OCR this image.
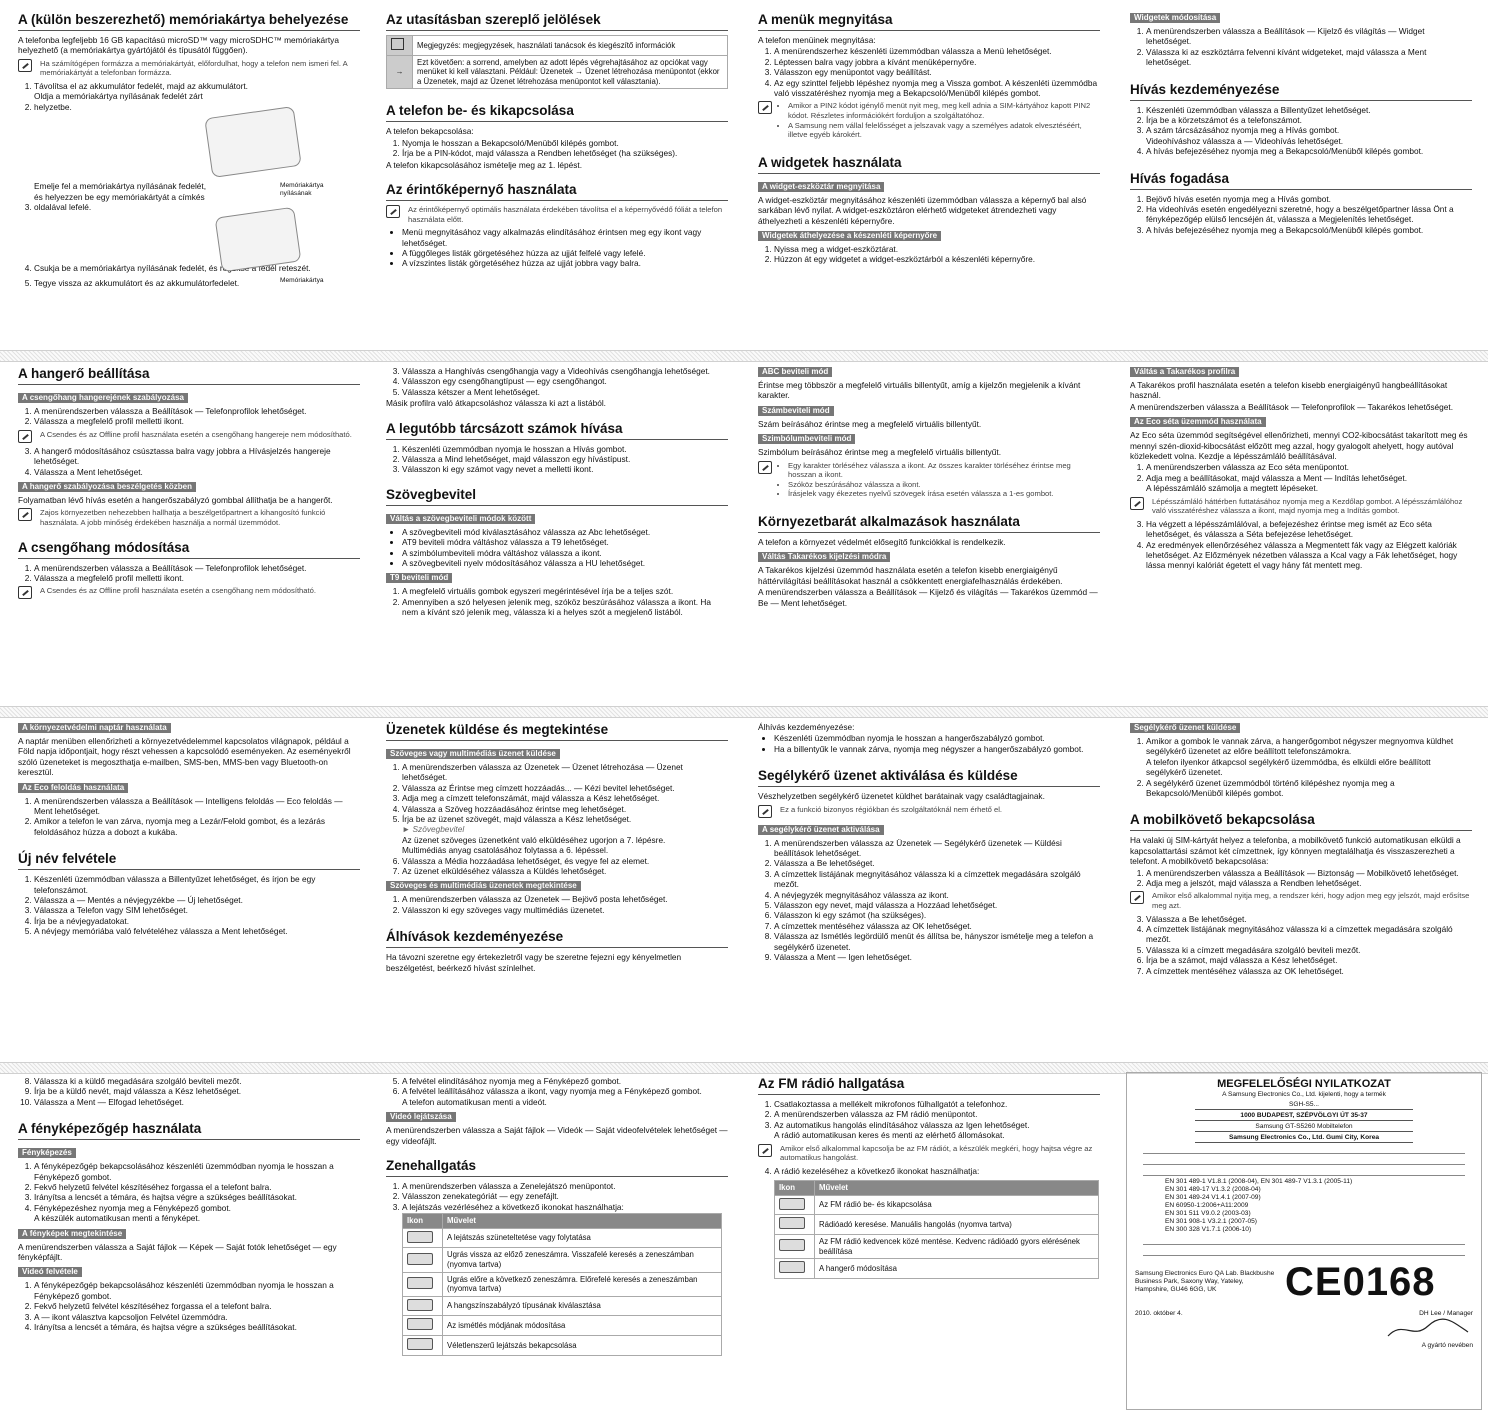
A (külön beszerezhető) memóriakártya behelyezése

A telefonba legfeljebb 16 GB kapacitású microSD™ vagy microSDHC™ memóriakártya helyezhető (a memóriakártya gyártójától és típusától függően).

Ha számítógépen formázza a memóriakártyát, előfordulhat, hogy a telefon nem ismeri fel. A memóriakártyát a telefonban formázza.
1. Távolítsa el az akkumulátor fedelét, majd az akkumulátort.
2. Oldja a memóriakártya nyílásának fedelét zárt helyzetbe.
Memóriakártya nyílásának
3. Emelje fel a memóriakártya nyílásának fedelét, és helyezzen be egy memóriakártyát a címkés oldalával lefelé.
Memóriakártya
4. Csukja be a memóriakártya nyílásának fedelét, és rögzítse a fedél reteszét.
5. Tegye vissza az akkumulátort és az akkumulátorfedelet.
Az utasításban szereplő jelölések
	Megjegyzés: megjegyzések, használati tanácsok és kiegészítő információk
→	Ezt követően: a sorrend, amelyben az adott lépés végrehajtásához az opciókat vagy menüket ki kell választani. Például: Üzenetek → Üzenet létrehozása menüpontot (ekkor a Üzenetek, majd az Üzenet létrehozása menüpontot kell választania).
A telefon be- és kikapcsolása

A telefon bekapcsolása:

1. Nyomja le hosszan a Bekapcsoló/Menüből kilépés gombot.
2. Írja be a PIN-kódot, majd válassza a Rendben lehetőséget (ha szükséges).

A telefon kikapcsolásához ismételje meg az 1. lépést.

Az érintőképernyő használata
Az érintőképernyő optimális használata érdekében távolítsa el a képernyővédő fóliát a telefon használata előtt.
• Menü megnyitásához vagy alkalmazás elindításához érintsen meg egy ikont vagy lehetőséget.
• A függőleges listák görgetéséhez húzza az ujját felfelé vagy lefelé.
• A vízszintes listák görgetéséhez húzza az ujját jobbra vagy balra.
A menük megnyitása

A telefon menüinek megnyitása:

1. A menürendszerhez készenléti üzemmódban válassza a Menü lehetőséget.
2. Léptessen balra vagy jobbra a kívánt menüképernyőre.
3. Válasszon egy menüpontot vagy beállítást.
4. Az egy szinttel feljebb lépéshez nyomja meg a Vissza gombot. A készenléti üzemmódba való visszatéréshez nyomja meg a Bekapcsoló/Menüből kilépés gombot.
• Amikor a PIN2 kódot igénylő menüt nyit meg, meg kell adnia a SIM-kártyához kapott PIN2 kódot. Részletes információkért forduljon a szolgáltatóhoz.
• A Samsung nem vállal felelősséget a jelszavak vagy a személyes adatok elvesztéséért, illetve egyéb károkért.
A widgetek használata
A widget-eszköztár megnyitása

A widget-eszköztár megnyitásához készenléti üzemmódban válassza a képernyő bal alsó sarkában lévő nyilat. A widget-eszköztáron elérhető widgeteket átrendezheti vagy áthelyezheti a készenléti képernyőre.

Widgetek áthelyezése a készenléti képernyőre
1. Nyissa meg a widget-eszköztárat.
2. Húzzon át egy widgetet a widget-eszköztárból a készenléti képernyőre.
Widgetek módosítása
1. A menürendszerben válassza a Beállítások — Kijelző és világítás — Widget lehetőséget.
2. Válassza ki az eszköztárra felvenni kívánt widgeteket, majd válassza a Ment lehetőséget.
Hívás kezdeményezése
1. Készenléti üzemmódban válassza a Billentyűzet lehetőséget.
2. Írja be a körzetszámot és a telefonszámot.
3. A szám tárcsázásához nyomja meg a Hívás gombot.
Videohíváshoz válassza a — Videohívás lehetőséget.
4. A hívás befejezéséhez nyomja meg a Bekapcsoló/Menüből kilépés gombot.
Hívás fogadása
1. Bejövő hívás esetén nyomja meg a Hívás gombot.
2. Ha videohívás esetén engedélyezni szeretné, hogy a beszélgetőpartner lássa Önt a fényképezőgép elülső lencséjén át, válassza a Megjelenítés lehetőséget.
3. A hívás befejezéséhez nyomja meg a Bekapcsoló/Menüből kilépés gombot.
A hangerő beállítása
A csengőhang hangerejének szabályozása
1. A menürendszerben válassza a Beállítások — Telefonprofilok lehetőséget.
2. Válassza a megfelelő profil melletti ikont.
A Csendes és az Offline profil használata esetén a csengőhang hangereje nem módosítható.
3. A hangerő módosításához csúsztassa balra vagy jobbra a Hívásjelzés hangereje lehetőséget.
4. Válassza a Ment lehetőséget.
A hangerő szabályozása beszélgetés közben

Folyamatban lévő hívás esetén a hangerőszabályzó gombbal állíthatja be a hangerőt.

Zajos környezetben nehezebben hallhatja a beszélgetőpartnert a kihangosító funkció használata. A jobb minőség érdekében használja a normál üzemmódot.
A csengőhang módosítása
1. A menürendszerben válassza a Beállítások — Telefonprofilok lehetőséget.
2. Válassza a megfelelő profil melletti ikont.
A Csendes és az Offline profil használata esetén a csengőhang nem módosítható.
3. Válassza a Hanghívás csengőhangja vagy a Videohívás csengőhangja lehetőséget.
4. Válasszon egy csengőhangtípust — egy csengőhangot.
5. Válassza kétszer a Ment lehetőséget.

Másik profilra való átkapcsoláshoz válassza ki azt a listából.

A legutóbb tárcsázott számok hívása
1. Készenléti üzemmódban nyomja le hosszan a Hívás gombot.
2. Válassza a Mind lehetőséget, majd válasszon egy hívástípust.
3. Válasszon ki egy számot vagy nevet a melletti ikont.
Szövegbevitel
Váltás a szövegbeviteli módok között
• A szövegbeviteli mód kiválasztásához válassza az Abc lehetőséget.
• AT9 beviteli módra váltáshoz válassza a T9 lehetőséget.
• A szimbólumbeviteli módra váltáshoz válassza a ikont.
• A szövegbeviteli nyelv módosításához válassza a HU lehetőséget.
T9 beviteli mód
1. A megfelelő virtuális gombok egyszeri megérintésével írja be a teljes szót.
2. Amennyiben a szó helyesen jelenik meg, szóköz beszúrásához válassza a ikont. Ha nem a kívánt szó jelenik meg, válassza ki a helyes szót a megjelenő listából.
ABC beviteli mód

Érintse meg többször a megfelelő virtuális billentyűt, amíg a kijelzőn megjelenik a kívánt karakter.

Számbeviteli mód

Szám beírásához érintse meg a megfelelő virtuális billentyűt.

Szimbólumbeviteli mód

Szimbólum beírásához érintse meg a megfelelő virtuális billentyűt.

• Egy karakter törléséhez válassza a ikont. Az összes karakter törléséhez érintse meg hosszan a ikont.
• Szóköz beszúrásához válassza a ikont.
• Írásjelek vagy ékezetes nyelvű szövegek írása esetén válassza a 1-es gombot.
Környezetbarát alkalmazások használata

A telefon a környezet védelmét elősegítő funkciókkal is rendelkezik.

Váltás Takarékos kijelzési módra

A Takarékos kijelzési üzemmód használata esetén a telefon kisebb energiaigényű háttérvilágítási beállításokat használ a csökkentett energiafelhasználás érdekében.

A menürendszerben válassza a Beállítások — Kijelző és világítás — Takarékos üzemmód — Be — Ment lehetőséget.

Váltás a Takarékos profilra

A Takarékos profil használata esetén a telefon kisebb energiaigényű hangbeállításokat használ.

A menürendszerben válassza a Beállítások — Telefonprofilok — Takarékos lehetőséget.

Az Eco séta üzemmód használata

Az Eco séta üzemmód segítségével ellenőrizheti, mennyi CO2-kibocsátást takarított meg és mennyi szén-dioxid-kibocsátást előzött meg azzal, hogy gyalogolt ahelyett, hogy autóval közlekedett volna. Kezdje a lépésszámláló beállításával.

1. A menürendszerben válassza az Eco séta menüpontot.
2. Adja meg a beállításokat, majd válassza a Ment — Indítás lehetőséget.
A lépésszámláló számolja a megtett lépéseket.
Lépésszámláló háttérben futtatásához nyomja meg a Kezdőlap gombot. A lépésszámlálóhoz való visszatéréshez válassza a ikont, majd nyomja meg a Indítás gombot.
3. Ha végzett a lépésszámlálóval, a befejezéshez érintse meg ismét az Eco séta lehetőséget, és válassza a Séta befejezése lehetőséget.
4. Az eredmények ellenőrzéséhez válassza a Megmentett fák vagy az Elégzett kalóriák lehetőséget. Az Előzmények nézetben válassza a Kcal vagy a Fák lehetőséget, hogy lássa mennyi kalóriát égetett el vagy hány fát mentett meg.
A környezetvédelmi naptár használata

A naptár menüben ellenőrizheti a környezetvédelemmel kapcsolatos világnapok, például a Föld napja időpontjait, hogy részt vehessen a kapcsolódó eseményeken. Az eseményekről szóló üzeneteket is megoszthatja e-mailben, SMS-ben, MMS-ben vagy Bluetooth-on keresztül.

Az Eco feloldás használata
1. A menürendszerben válassza a Beállítások — Intelligens feloldás — Eco feloldás — Ment lehetőséget.
2. Amikor a telefon le van zárva, nyomja meg a Lezár/Felold gombot, és a lezárás feloldásához húzza a dobozt a kukába.
Új név felvétele
1. Készenléti üzemmódban válassza a Billentyűzet lehetőséget, és írjon be egy telefonszámot.
2. Válassza a — Mentés a névjegyzékbe — Új lehetőséget.
3. Válassza a Telefon vagy SIM lehetőséget.
4. Írja be a névjegyadatokat.
5. A névjegy memóriába való felvételéhez válassza a Ment lehetőséget.
Üzenetek küldése és megtekintése
Szöveges vagy multimédiás üzenet küldése
1. A menürendszerben válassza az Üzenetek — Üzenet létrehozása — Üzenet lehetőséget.
2. Válassza az Érintse meg címzett hozzáadás... — Kézi bevitel lehetőséget.
3. Adja meg a címzett telefonszámát, majd válassza a Kész lehetőséget.
4. Válassza a Szöveg hozzáadásához érintse meg lehetőséget.
5. Írja be az üzenet szövegét, majd válassza a Kész lehetőséget.
► Szövegbevitel
Az üzenet szöveges üzenetként való elküldéséhez ugorjon a 7. lépésre.
Multimédiás anyag csatolásához folytassa a 6. lépéssel.
6. Válassza a Média hozzáadása lehetőséget, és vegye fel az elemet.
7. Az üzenet elküldéséhez válassza a Küldés lehetőséget.
Szöveges és multimédiás üzenetek megtekintése
1. A menürendszerben válassza az Üzenetek — Bejövő posta lehetőséget.
2. Válasszon ki egy szöveges vagy multimédiás üzenetet.
Álhívások kezdeményezése

Ha távozni szeretne egy értekezletről vagy be szeretne fejezni egy kényelmetlen beszélgetést, beérkező hívást színlelhet.

Álhívás kezdeményezése:

• Készenléti üzemmódban nyomja le hosszan a hangerőszabályzó gombot.
• Ha a billentyűk le vannak zárva, nyomja meg négyszer a hangerőszabályzó gombot.
Segélykérő üzenet aktiválása és küldése

Vészhelyzetben segélykérő üzenetet küldhet barátainak vagy családtagjainak.

Ez a funkció bizonyos régiókban és szolgáltatóknál nem érhető el.
A segélykérő üzenet aktiválása
1. A menürendszerben válassza az Üzenetek — Segélykérő üzenetek — Küldési beállítások lehetőséget.
2. Válassza a Be lehetőséget.
3. A címzettek listájának megnyitásához válassza ki a címzettek megadására szolgáló mezőt.
4. A névjegyzék megnyitásához válassza az ikont.
5. Válasszon egy nevet, majd válassza a Hozzáad lehetőséget.
6. Válasszon ki egy számot (ha szükséges).
7. A címzettek mentéséhez válassza az OK lehetőséget.
8. Válassza az Ismétlés legördülő menüt és állítsa be, hányszor ismételje meg a telefon a segélykérő üzenetet.
9. Válassza a Ment — Igen lehetőséget.
Segélykérő üzenet küldése
1. Amikor a gombok le vannak zárva, a hangerőgombot négyszer megnyomva küldhet segélykérő üzenetet az előre beállított telefonszámokra.
A telefon ilyenkor átkapcsol segélykérő üzemmódba, és elküldi előre beállított segélykérő üzenetet.
2. A segélykérő üzenet üzemmódból történő kilépéshez nyomja meg a Bekapcsoló/Menüből kilépés gombot.
A mobilkövető bekapcsolása

Ha valaki új SIM-kártyát helyez a telefonba, a mobilkövető funkció automatikusan elküldi a kapcsolattartási számot két címzettnek, így könnyen megtalálhatja és visszaszerezheti a telefont. A mobilkövető bekapcsolása:

1. A menürendszerben válassza a Beállítások — Biztonság — Mobilkövető lehetőséget.
2. Adja meg a jelszót, majd válassza a Rendben lehetőséget.
Amikor első alkalommal nyitja meg, a rendszer kéri, hogy adjon meg egy jelszót, majd erősítse meg azt.
3. Válassza a Be lehetőséget.
4. A címzettek listájának megnyitásához válassza ki a címzettek megadására szolgáló mezőt.
5. Válassza ki a címzett megadására szolgáló beviteli mezőt.
6. Írja be a számot, majd válassza a Kész lehetőséget.
7. A címzettek mentéséhez válassza az OK lehetőséget.
8. Válassza ki a küldő megadására szolgáló beviteli mezőt.
9. Írja be a küldő nevét, majd válassza a Kész lehetőséget.
10. Válassza a Ment — Elfogad lehetőséget.
A fényképezőgép használata
Fényképezés
1. A fényképezőgép bekapcsolásához készenléti üzemmódban nyomja le hosszan a Fényképező gombot.
2. Fekvő helyzetű felvétel készítéséhez forgassa el a telefont balra.
3. Irányítsa a lencsét a témára, és hajtsa végre a szükséges beállításokat.
4. Fényképezéshez nyomja meg a Fényképező gombot.
A készülék automatikusan menti a fényképet.
A fényképek megtekintése

A menürendszerben válassza a Saját fájlok — Képek — Saját fotók lehetőséget — egy fényképfájlt.

Videó felvétele
1. A fényképezőgép bekapcsolásához készenléti üzemmódban nyomja le hosszan a Fényképező gombot.
2. Fekvő helyzetű felvétel készítéséhez forgassa el a telefont balra.
3. A — ikont választva kapcsoljon Felvétel üzemmódra.
4. Irányítsa a lencsét a témára, és hajtsa végre a szükséges beállításokat.
5. A felvétel elindításához nyomja meg a Fényképező gombot.
6. A felvétel leállításához válassza a ikont, vagy nyomja meg a Fényképező gombot.
A telefon automatikusan menti a videót.
Videó lejátszása

A menürendszerben válassza a Saját fájlok — Videók — Saját videofelvételek lehetőséget — egy videofájlt.

Zenehallgatás
1. A menürendszerben válassza a Zenelejátszó menüpontot.
2. Válasszon zenekategóriát — egy zenefájlt.
3. A lejátszás vezérléséhez a következő ikonokat használhatja:
Ikon	Művelet
	A lejátszás szüneteltetése vagy folytatása
	Ugrás vissza az előző zeneszámra. Visszafelé keresés a zeneszámban (nyomva tartva)
	Ugrás előre a következő zeneszámra. Előrefelé keresés a zeneszámban (nyomva tartva)
	A hangszínszabályzó típusának kiválasztása
	Az ismétlés módjának módosítása
	Véletlenszerű lejátszás bekapcsolása
Az FM rádió hallgatása
1. Csatlakoztassa a mellékelt mikrofonos fülhallgatót a telefonhoz.
2. A menürendszerben válassza az FM rádió menüpontot.
3. Az automatikus hangolás elindításához válassza az Igen lehetőséget.
A rádió automatikusan keres és menti az elérhető állomásokat.
Amikor első alkalommal kapcsolja be az FM rádiót, a készülék megkéri, hogy hajtsa végre az automatikus hangolást.
4. A rádió kezeléséhez a következő ikonokat használhatja:
Ikon	Művelet
	Az FM rádió be- és kikapcsolása
	Rádióadó keresése. Manuális hangolás (nyomva tartva)
	Az FM rádió kedvencek közé mentése. Kedvenc rádióadó gyors elérésének beállítása
	A hangerő módosítása
MEGFELELŐSÉGI NYILATKOZAT
A Samsung Electronics Co., Ltd. kijelenti, hogy a termék
SGH-S5...
1000 BUDAPEST, SZÉPVÖLGYI ÚT 35-37
Samsung GT-S5260 Mobiltelefon
Samsung Electronics Co., Ltd. Gumi City, Korea
EN 301 489-1 V1.8.1 (2008-04), EN 301 489-7 V1.3.1 (2005-11)
EN 301 489-17 V1.3.2 (2008-04)
EN 301 489-24 V1.4.1 (2007-09)
EN 60950-1:2006+A11:2009
EN 301 511 V9.0.2 (2003-03)
EN 301 908-1 V3.2.1 (2007-05)
EN 300 328 V1.7.1 (2006-10)
Samsung Electronics Euro QA Lab. Blackbushe Business Park, Saxony Way, Yateley, Hampshire, GU46 6GG, UK	CE0168
2010. október 4.	DH Lee / Manager
A gyártó nevében
